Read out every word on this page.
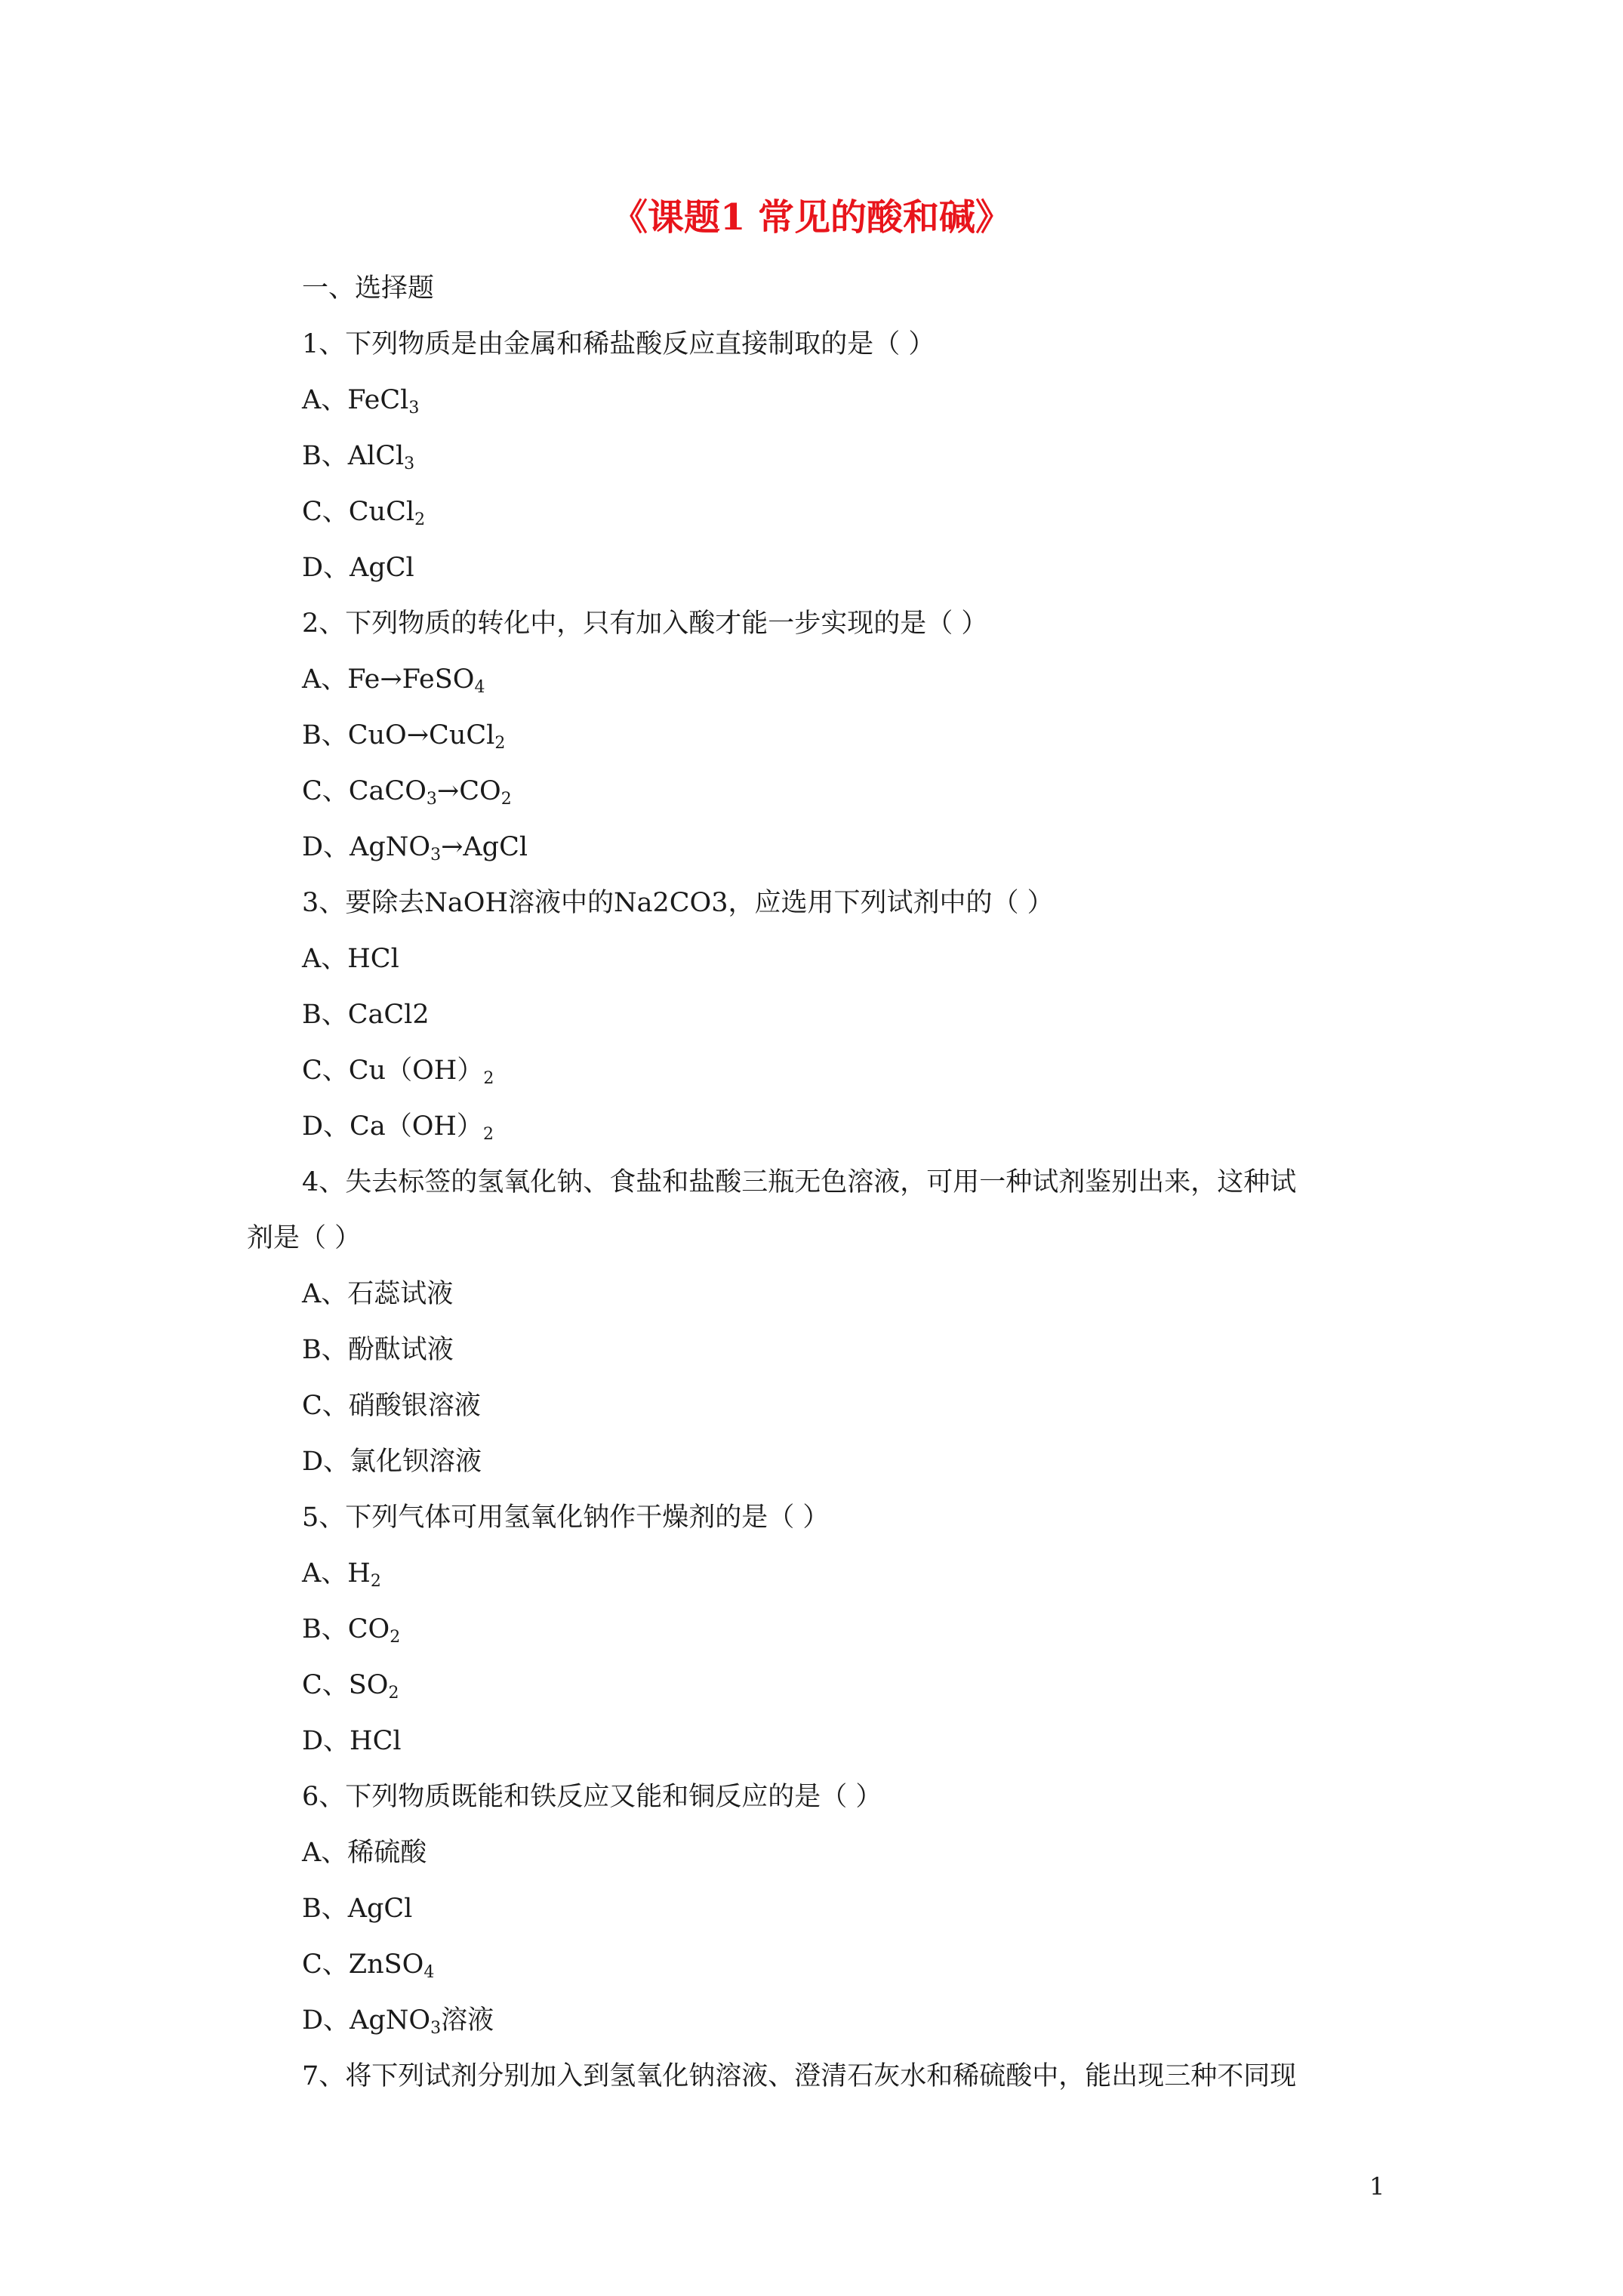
《课题1 常见的酸和碱》
一、选择题
1、下列物质是由金属和稀盐酸反应直接制取的是（ ）
A、FeCl$_3$
B、AlCl$_3$
C、CuCl$_2$
D、AgCl
2、下列物质的转化中，只有加入酸才能一步实现的是（ ）
A、Fe→FeSO$_4$
B、CuO→CuCl$_2$
C、$CaCO_3\to CO_2$
D、AgNO$_3$→AgCl
3、要除去NaOH溶液中的Na2CO3，应选用下列试剂中的（ ）
A、HCl
B、CaCl2
C、$Cu(OH)_2$
D、$Ca(OH)_2$
4、失去标签的氢氧化钠、食盐和盐酸三瓶无色溶液，可用一种试剂鉴别出来，这种试
剂是（ ）
A、石蕊试液
B、酚酞试液
C、硝酸银溶液
D、氯化钡溶液
5、下列气体可用氢氧化钠作干燥剂的是（ ）
A、$H_2$
B、$CO_2$
C、$SO_2$
D、HCl
6、下列物质既能和铁反应又能和铜反应的是（ ）
A、稀硫酸
B、AgCl
C、ZnSO$_4$
D、AgNO$_3$溶液
7、将下列试剂分别加入到氢氧化钠溶液、澄清石灰水和稀硫酸中，能出现三种不同现
1
